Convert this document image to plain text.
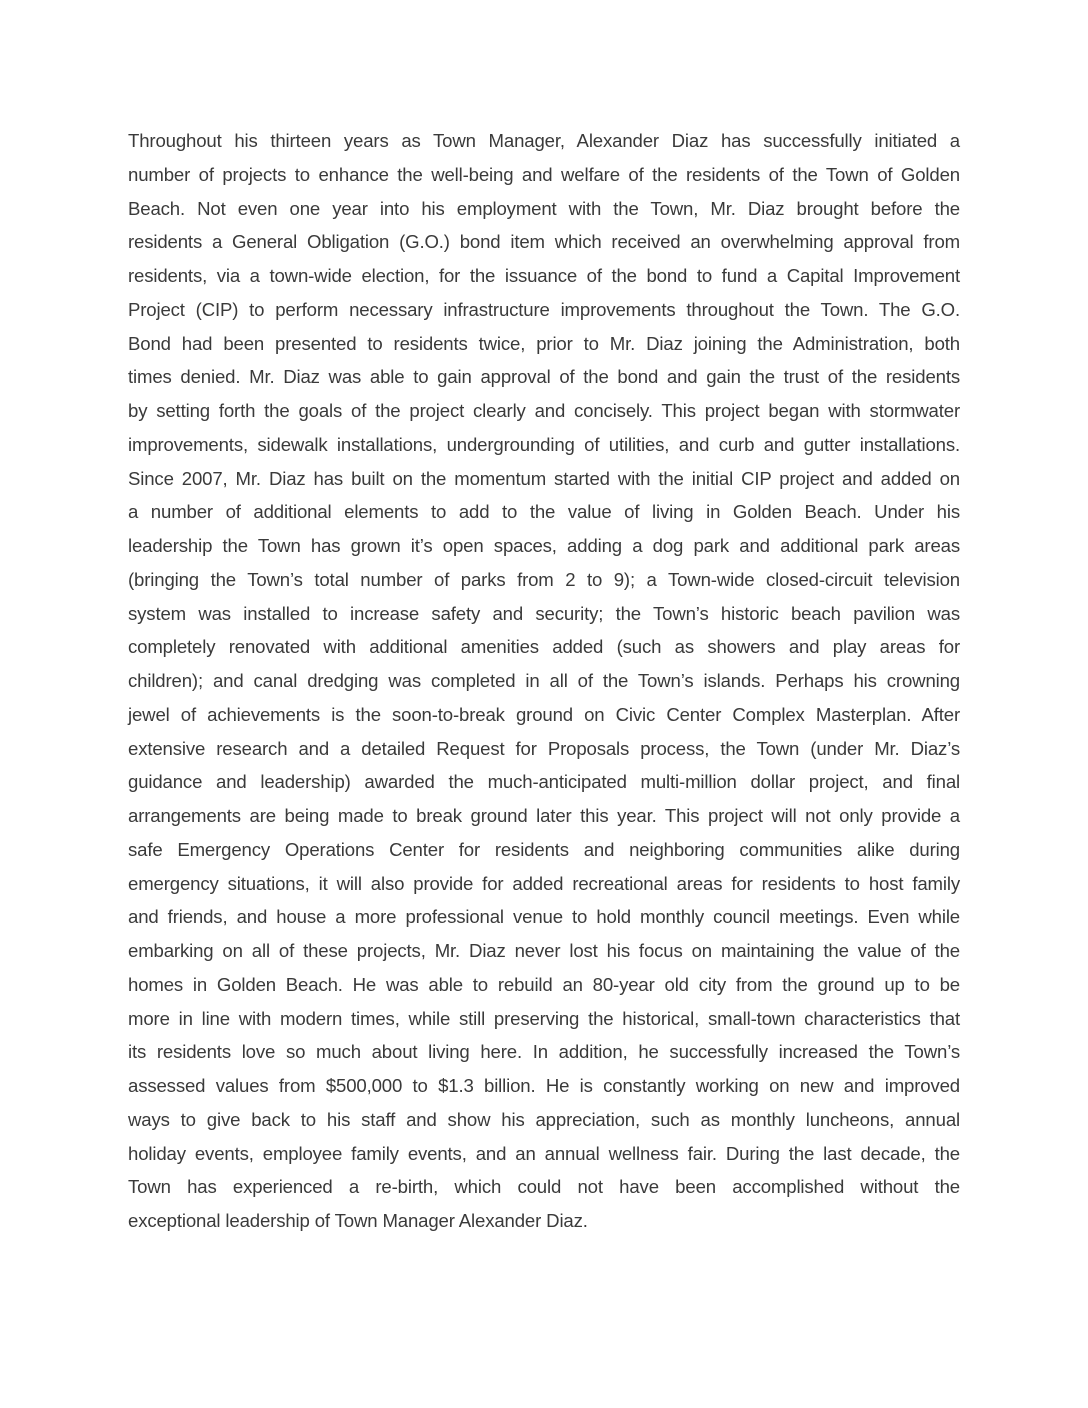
Throughout his thirteen years as Town Manager, Alexander Diaz has successfully initiated a
number of projects to enhance the well-being and welfare of the residents of the Town of Golden
Beach. Not even one year into his employment with the Town, Mr. Diaz brought before the
residents a General Obligation (G.O.) bond item which received an overwhelming approval from
residents, via a town-wide election, for the issuance of the bond to fund a Capital Improvement
Project (CIP) to perform necessary infrastructure improvements throughout the Town. The G.O.
Bond had been presented to residents twice, prior to Mr. Diaz joining the Administration, both
times denied. Mr. Diaz was able to gain approval of the bond and gain the trust of the residents
by setting forth the goals of the project clearly and concisely. This project began with stormwater
improvements, sidewalk installations, undergrounding of utilities, and curb and gutter installations.
Since 2007, Mr. Diaz has built on the momentum started with the initial CIP project and added on
a number of additional elements to add to the value of living in Golden Beach. Under his
leadership the Town has grown it’s open spaces, adding a dog park and additional park areas
(bringing the Town’s total number of parks from 2 to 9); a Town-wide closed-circuit television
system was installed to increase safety and security; the Town’s historic beach pavilion was
completely renovated with additional amenities added (such as showers and play areas for
children); and canal dredging was completed in all of the Town’s islands. Perhaps his crowning
jewel of achievements is the soon-to-break ground on Civic Center Complex Masterplan. After
extensive research and a detailed Request for Proposals process, the Town (under Mr. Diaz’s
guidance and leadership) awarded the much-anticipated multi-million dollar project, and final
arrangements are being made to break ground later this year. This project will not only provide a
safe Emergency Operations Center for residents and neighboring communities alike during
emergency situations, it will also provide for added recreational areas for residents to host family
and friends, and house a more professional venue to hold monthly council meetings. Even while
embarking on all of these projects, Mr. Diaz never lost his focus on maintaining the value of the
homes in Golden Beach. He was able to rebuild an 80-year old city from the ground up to be
more in line with modern times, while still preserving the historical, small-town characteristics that
its residents love so much about living here. In addition, he successfully increased the Town’s
assessed values from $500,000 to $1.3 billion. He is constantly working on new and improved
ways to give back to his staff and show his appreciation, such as monthly luncheons, annual
holiday events, employee family events, and an annual wellness fair. During the last decade, the
Town has experienced a re-birth, which could not have been accomplished without the
exceptional leadership of Town Manager Alexander Diaz.
